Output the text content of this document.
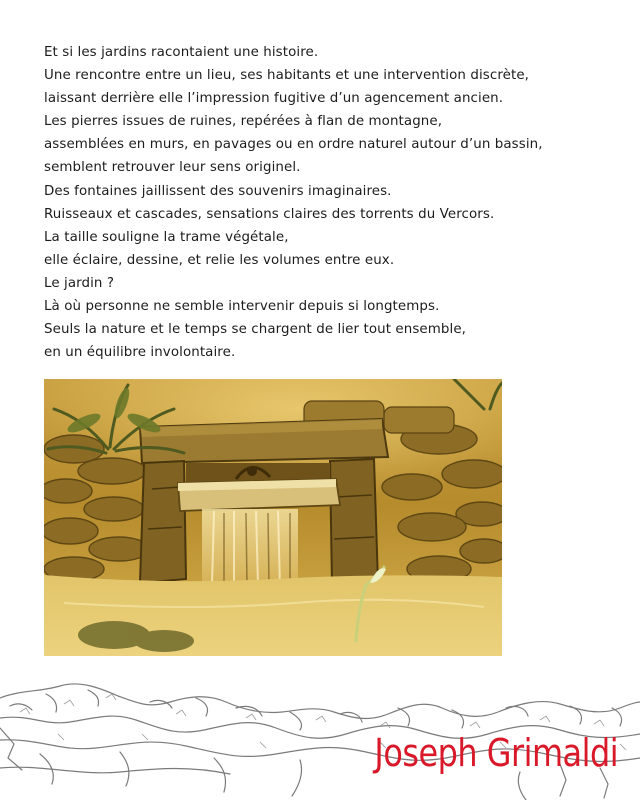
Et si les jardins racontaient une histoire.
Une rencontre entre un lieu, ses habitants et une intervention discrète,
laissant derrière elle l’impression fugitive d’un agencement ancien.
Les pierres issues de ruines, repérées à flan de montagne,
assemblées en murs, en pavages ou en ordre naturel autour d’un bassin,
semblent retrouver leur sens originel.
Des fontaines jaillissent des souvenirs imaginaires.
Ruisseaux et cascades, sensations claires des torrents du Vercors.
La taille souligne la trame végétale,
elle éclaire, dessine, et relie les volumes entre eux.
Le jardin ?
Là où personne ne semble intervenir depuis si longtemps.
Seuls la nature et le temps se chargent de lier tout ensemble,
en un équilibre involontaire.
Joseph Grimaldi
